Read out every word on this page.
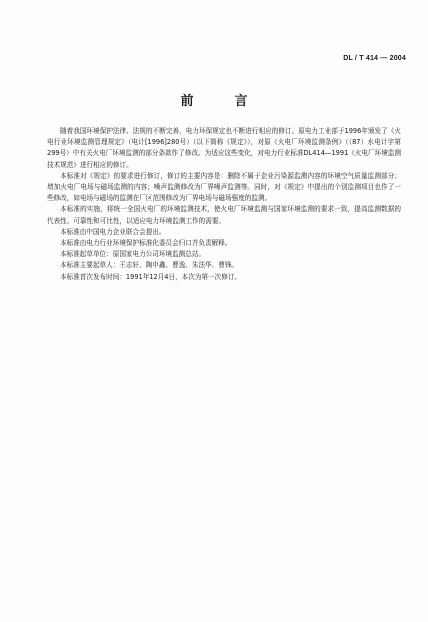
DL / T 414 — 2004
前　言

随着我国环境保护法律、法规的不断完善，电力环保规定也不断进行相应的修订。原电力工业部于1996年颁发了《火电行业环境监测管理规定》（电计[1996]280号）（以下简称《规定》），对原《火电厂环境监测条例》（（87）水电计字第299号）中有关火电厂环境监测的部分条款作了修改。为适应这些变化，对电力行业标准DL414—1991《火电厂环境监测技术规范》进行相应的修订。

本标准对《规定》的要求进行修订，修订的主要内容是：删除不属于企业污染源监测内容的环境空气质量监测部分；增加火电厂电场与磁场监测的内容；噪声监测修改为厂界噪声监测等。同时，对《规定》中提出的个别监测项目也作了一些修改，如电场与磁场的监测在厂区范围修改为厂界电场与磁场强度的监测。

本标准的实施，将统一全国火电厂的环境监测技术，使火电厂环境监测与国家环境监测的要求一致，提高监测数据的代表性、可靠性和可比性，以适应电力环境监测工作的需要。

本标准由中国电力企业联合会提出。

本标准由电力行业环境保护标准化委员会归口并负责解释。

本标准起草单位：原国家电力公司环境监测总站。

本标准主要起草人：王志轩、陶申鑫、曹逸、朱法华、曹锋。

本标准首次发布时间：1991年12月4日，本次为第一次修订。
